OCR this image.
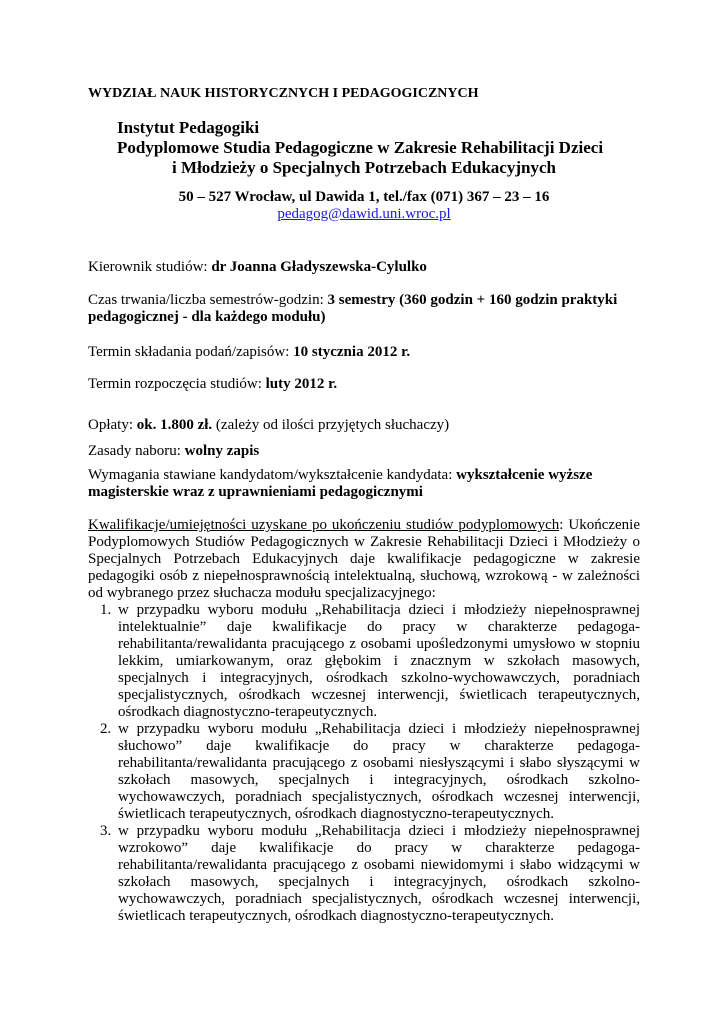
WYDZIAŁ NAUK HISTORYCZNYCH I PEDAGOGICZNYCH
Instytut Pedagogiki
Podyplomowe Studia Pedagogiczne w Zakresie Rehabilitacji Dzieci
i Młodzieży o Specjalnych Potrzebach Edukacyjnych
50 – 527 Wrocław, ul Dawida 1, tel./fax (071) 367 – 23 – 16
pedagog@dawid.uni.wroc.pl
Kierownik studiów: dr Joanna Gładyszewska-Cylulko
Czas trwania/liczba semestrów-godzin: 3 semestry (360 godzin + 160 godzin praktyki pedagogicznej - dla każdego modułu)
Termin składania podań/zapisów: 10 stycznia 2012 r.
Termin rozpoczęcia studiów: luty 2012 r.
Opłaty: ok. 1.800 zł. (zależy od ilości przyjętych słuchaczy)
Zasady naboru: wolny zapis
Wymagania stawiane kandydatom/wykształcenie kandydata: wykształcenie wyższe magisterskie wraz z uprawnieniami pedagogicznymi
Kwalifikacje/umiejętności uzyskane po ukończeniu studiów podyplomowych: Ukończenie Podyplomowych Studiów Pedagogicznych w Zakresie Rehabilitacji Dzieci i Młodzieży o Specjalnych Potrzebach Edukacyjnych daje kwalifikacje pedagogiczne w zakresie pedagogiki osób z niepełnosprawnością intelektualną, słuchową, wzrokową - w zależności od wybranego przez słuchacza modułu specjalizacyjnego:
1. w przypadku wyboru modułu „Rehabilitacja dzieci i młodzieży niepełnosprawnej intelektualnie” daje kwalifikacje do pracy w charakterze pedagoga-rehabilitanta/rewalidanta pracującego z osobami upośledzonymi umysłowo w stopniu lekkim, umiarkowanym, oraz głębokim i znacznym w szkołach masowych, specjalnych i integracyjnych, ośrodkach szkolno-wychowawczych, poradniach specjalistycznych, ośrodkach wczesnej interwencji, świetlicach terapeutycznych, ośrodkach diagnostyczno-terapeutycznych.
2. w przypadku wyboru modułu „Rehabilitacja dzieci i młodzieży niepełnosprawnej słuchowo” daje kwalifikacje do pracy w charakterze pedagoga-rehabilitanta/rewalidanta pracującego z osobami niesłyszącymi i słabo słyszącymi w szkołach masowych, specjalnych i integracyjnych, ośrodkach szkolno-wychowawczych, poradniach specjalistycznych, ośrodkach wczesnej interwencji, świetlicach terapeutycznych, ośrodkach diagnostyczno-terapeutycznych.
3. w przypadku wyboru modułu „Rehabilitacja dzieci i młodzieży niepełnosprawnej wzrokowo” daje kwalifikacje do pracy w charakterze pedagoga-rehabilitanta/rewalidanta pracującego z osobami niewidomymi i słabo widzącymi w szkołach masowych, specjalnych i integracyjnych, ośrodkach szkolno-wychowawczych, poradniach specjalistycznych, ośrodkach wczesnej interwencji, świetlicach terapeutycznych, ośrodkach diagnostyczno-terapeutycznych.
